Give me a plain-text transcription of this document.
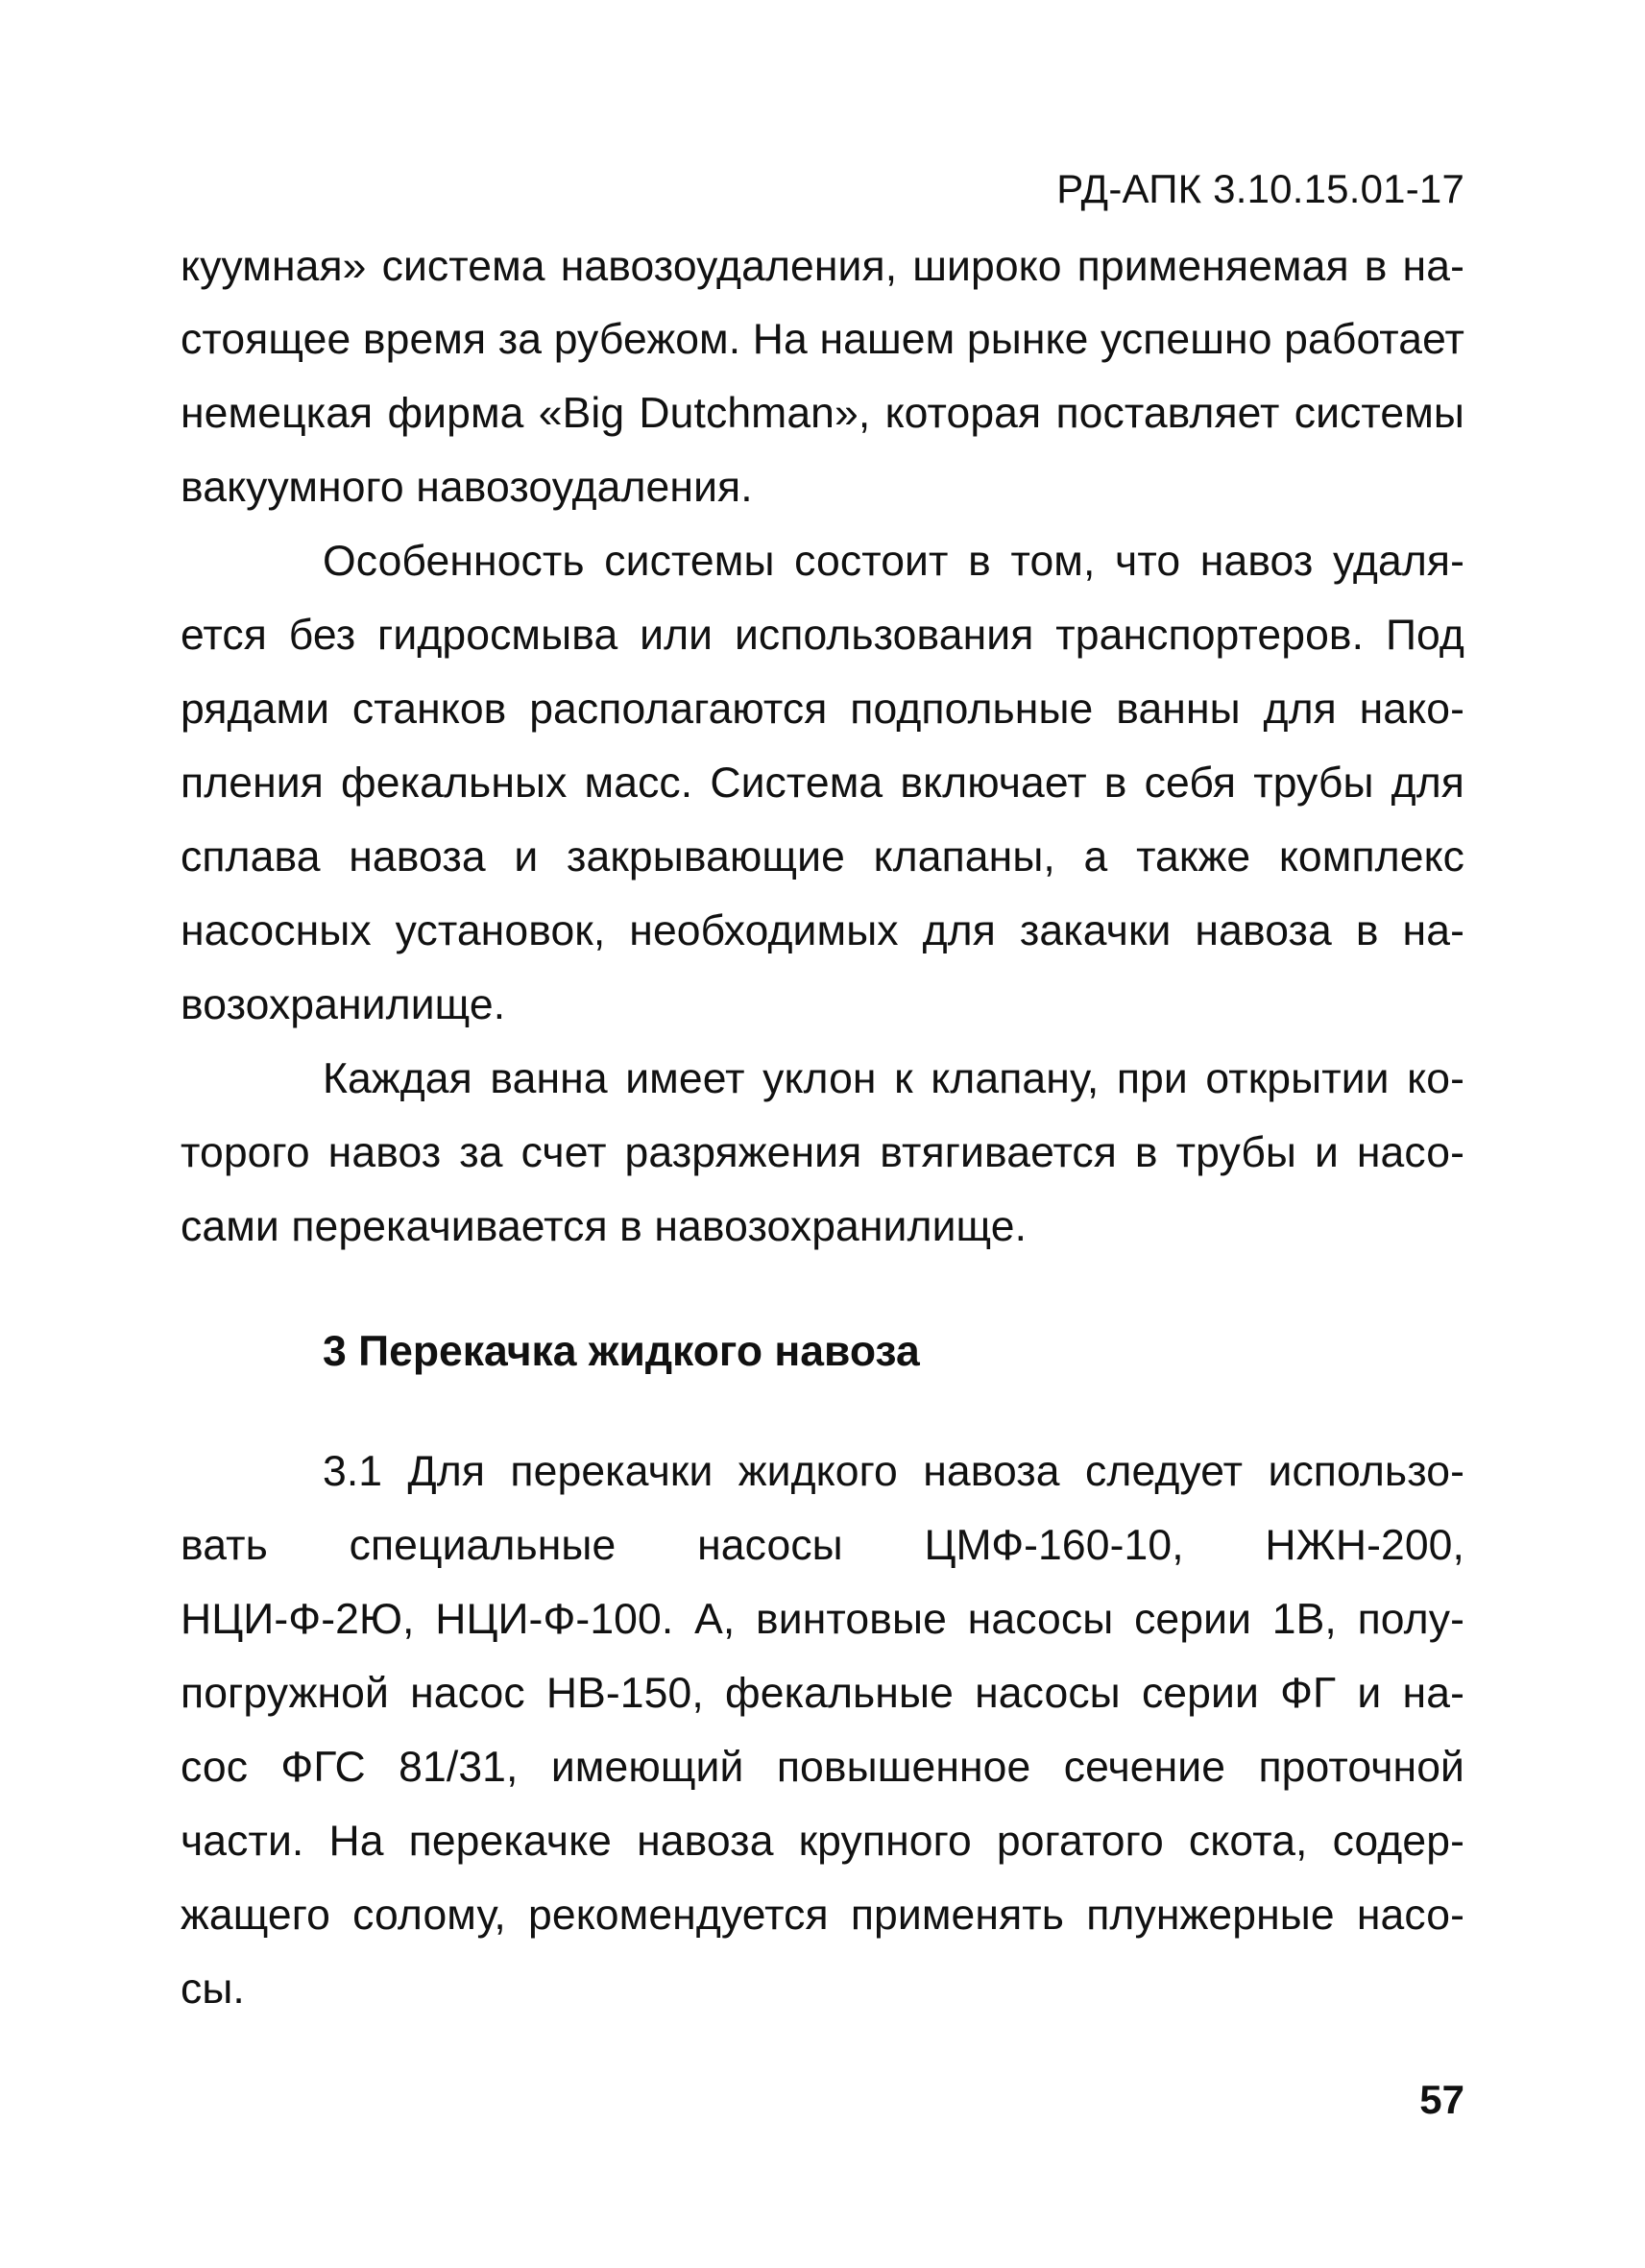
РД-АПК 3.10.15.01-17
куумная» система навозоудаления, широко применяемая в на-
стоящее время за рубежом. На нашем рынке успешно работает
немецкая фирма «Big Dutchman», которая поставляет системы
вакуумного навозоудаления.
Особенность системы состоит в том, что навоз удаля-
ется без гидросмыва или использования транспортеров. Под
рядами станков располагаются подпольные ванны для нако-
пления фекальных масс. Система включает в себя трубы для
сплава навоза и закрывающие клапаны, а также комплекс
насосных установок, необходимых для закачки навоза в на-
возохранилище.
Каждая ванна имеет уклон к клапану, при открытии ко-
торого навоз за счет разряжения втягивается в трубы и насо-
сами перекачивается в навозохранилище.
3 Перекачка жидкого навоза
3.1 Для перекачки жидкого навоза следует использо-
вать специальные насосы ЦМФ-160-10, НЖН-200,
НЦИ-Ф-2Ю, НЦИ-Ф-100. А, винтовые насосы серии 1В, полу-
погружной насос НВ-150, фекальные насосы серии ФГ и на-
сос ФГС 81/31, имеющий повышенное сечение проточной
части. На перекачке навоза крупного рогатого скота, содер-
жащего солому, рекомендуется применять плунжерные насо-
сы.
57
